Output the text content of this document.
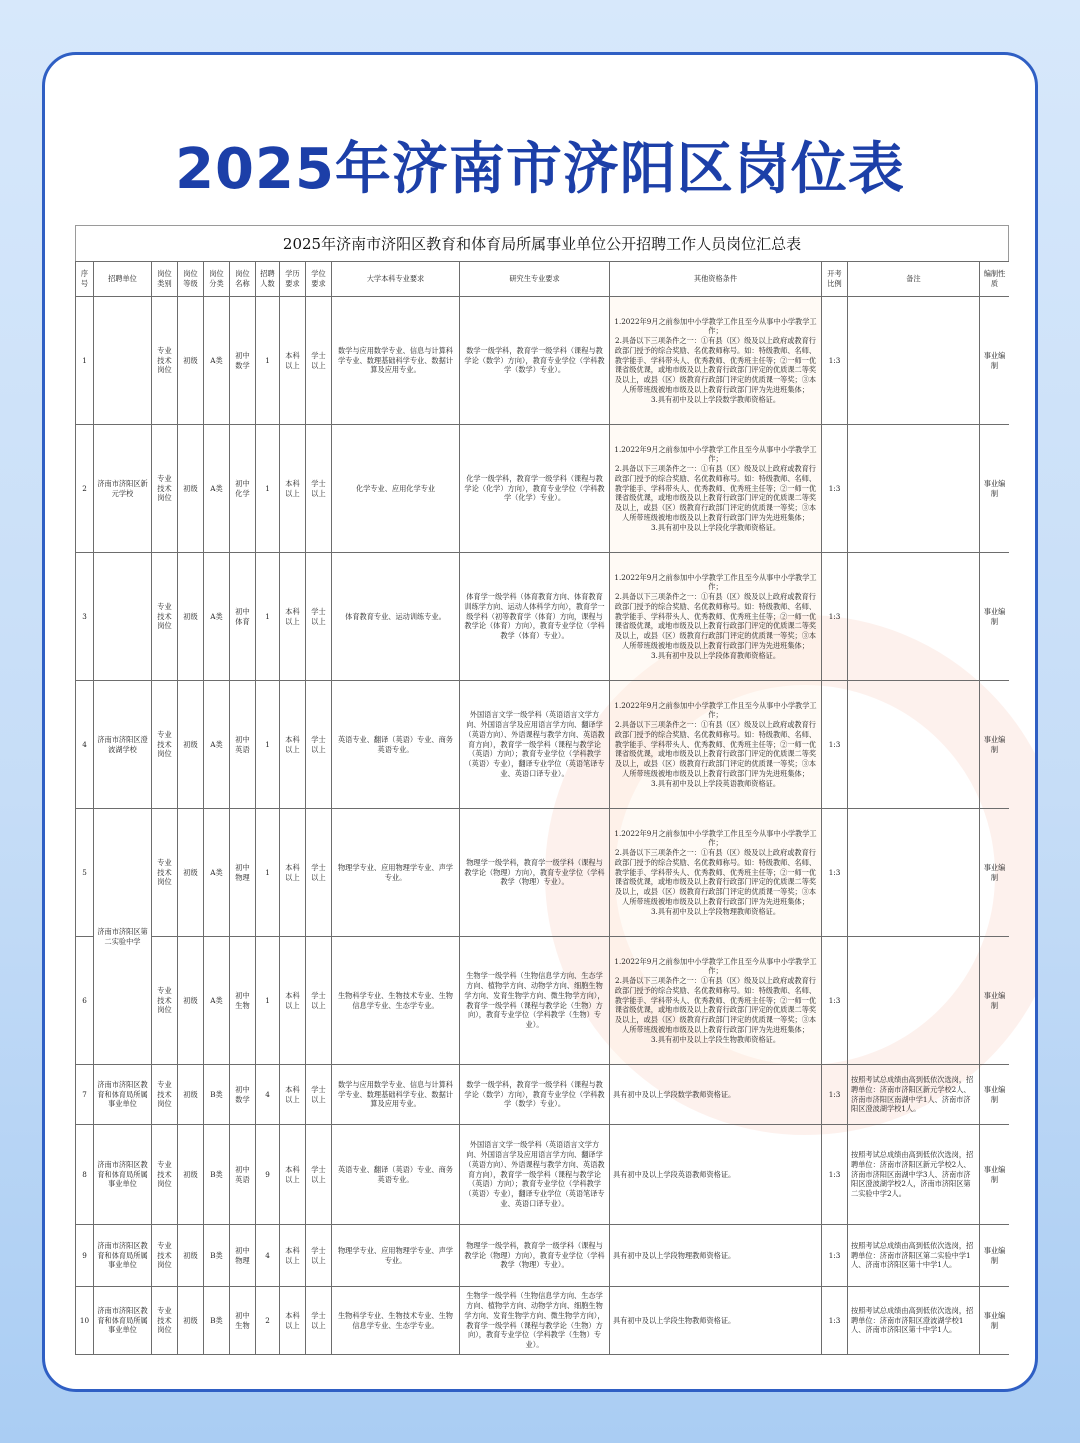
2025年济南市济阳区岗位表
2025年济南市济阳区教育和体育局所属事业单位公开招聘工作人员岗位汇总表
序号	招聘单位	岗位类别	岗位等级	岗位分类	岗位名称	招聘人数	学历要求	学位要求	大学本科专业要求	研究生专业要求	其他资格条件	开考比例	备注	编制性质
1		专业技术岗位	初级	A类	初中数学	1	本科以上	学士以上	数学与应用数学专业、信息与计算科学专业、数理基础科学专业、数据计算及应用专业。	数学一级学科，教育学一级学科（课程与教学论（数学）方向），教育专业学位（学科教学（数学）专业）。	1.2022年9月之前参加中小学教学工作且至今从事中小学教学工作；
2.具备以下三项条件之一：①有县（区）级及以上政府或教育行政部门授予的综合奖励、名优教师称号。如：特级教师、名师、教学能手、学科带头人、优秀教师、优秀班主任等；②一师一优课省级优课，或地市级及以上教育行政部门评定的优质课二等奖及以上，或县（区）级教育行政部门评定的优质课一等奖；③本人所带班级被地市级及以上教育行政部门评为先进班集体；
3.具有初中及以上学段数学教师资格证。	1:3		事业编制
2	济南市济阳区新元学校	专业技术岗位	初级	A类	初中化学	1	本科以上	学士以上	化学专业、应用化学专业	化学一级学科，教育学一级学科（课程与教学论（化学）方向），教育专业学位（学科教学（化学）专业）。	1.2022年9月之前参加中小学教学工作且至今从事中小学教学工作；
2.具备以下三项条件之一：①有县（区）级及以上政府或教育行政部门授予的综合奖励、名优教师称号。如：特级教师、名师、教学能手、学科带头人、优秀教师、优秀班主任等；②一师一优课省级优课，或地市级及以上教育行政部门评定的优质课二等奖及以上，或县（区）级教育行政部门评定的优质课一等奖；③本人所带班级被地市级及以上教育行政部门评为先进班集体；
3.具有初中及以上学段化学教师资格证。	1:3		事业编制
3		专业技术岗位	初级	A类	初中体育	1	本科以上	学士以上	体育教育专业、运动训练专业。	体育学一级学科（体育教育方向、体育教育训练学方向、运动人体科学方向），教育学一级学科（初等教育学（体育）方向，课程与教学论（体育）方向），教育专业学位（学科教学（体育）专业）。	1.2022年9月之前参加中小学教学工作且至今从事中小学教学工作；
2.具备以下三项条件之一：①有县（区）级及以上政府或教育行政部门授予的综合奖励、名优教师称号。如：特级教师、名师、教学能手、学科带头人、优秀教师、优秀班主任等；②一师一优课省级优课，或地市级及以上教育行政部门评定的优质课二等奖及以上，或县（区）级教育行政部门评定的优质课一等奖；③本人所带班级被地市级及以上教育行政部门评为先进班集体；
3.具有初中及以上学段体育教师资格证。	1:3		事业编制
4	济南市济阳区澄波湖学校	专业技术岗位	初级	A类	初中英语	1	本科以上	学士以上	英语专业、翻译（英语）专业、商务英语专业。	外国语言文学一级学科（英语语言文学方向、外国语言学及应用语言学方向、翻译学（英语方向）、外语课程与教学方向、英语教育方向），教育学一级学科（课程与教学论（英语）方向）；教育专业学位（学科教学（英语）专业），翻译专业学位（英语笔译专业、英语口译专业）。	1.2022年9月之前参加中小学教学工作且至今从事中小学教学工作；
2.具备以下三项条件之一：①有县（区）级及以上政府或教育行政部门授予的综合奖励、名优教师称号。如：特级教师、名师、教学能手、学科带头人、优秀教师、优秀班主任等；②一师一优课省级优课，或地市级及以上教育行政部门评定的优质课二等奖及以上，或县（区）级教育行政部门评定的优质课一等奖；③本人所带班级被地市级及以上教育行政部门评为先进班集体；
3.具有初中及以上学段英语教师资格证。	1:3		事业编制
5	济南市济阳区第二实验中学	专业技术岗位	初级	A类	初中物理	1	本科以上	学士以上	物理学专业、应用物理学专业、声学专业。	物理学一级学科，教育学一级学科（课程与教学论（物理）方向），教育专业学位（学科教学（物理）专业）。	1.2022年9月之前参加中小学教学工作且至今从事中小学教学工作；
2.具备以下三项条件之一：①有县（区）级及以上政府或教育行政部门授予的综合奖励、名优教师称号。如：特级教师、名师、教学能手、学科带头人、优秀教师、优秀班主任等；②一师一优课省级优课，或地市级及以上教育行政部门评定的优质课二等奖及以上，或县（区）级教育行政部门评定的优质课一等奖；③本人所带班级被地市级及以上教育行政部门评为先进班集体；
3.具有初中及以上学段物理教师资格证。	1:3		事业编制
6		专业技术岗位	初级	A类	初中生物	1	本科以上	学士以上	生物科学专业、生物技术专业、生物信息学专业、生态学专业。	生物学一级学科（生物信息学方向、生态学方向、植物学方向、动物学方向、细胞生物学方向、发育生物学方向、微生物学方向），教育学一级学科（课程与教学论（生物）方向），教育专业学位（学科教学（生物）专业）。	1.2022年9月之前参加中小学教学工作且至今从事中小学教学工作；
2.具备以下三项条件之一：①有县（区）级及以上政府或教育行政部门授予的综合奖励、名优教师称号。如：特级教师、名师、教学能手、学科带头人、优秀教师、优秀班主任等；②一师一优课省级优课，或地市级及以上教育行政部门评定的优质课二等奖及以上，或县（区）级教育行政部门评定的优质课一等奖；③本人所带班级被地市级及以上教育行政部门评为先进班集体；
3.具有初中及以上学段生物教师资格证。	1:3		事业编制
7	济南市济阳区教育和体育局所属事业单位	专业技术岗位	初级	B类	初中数学	4	本科以上	学士以上	数学与应用数学专业、信息与计算科学专业、数理基础科学专业、数据计算及应用专业。	数学一级学科，教育学一级学科（课程与教学论（数学）方向），教育专业学位（学科教学（数学）专业）。	具有初中及以上学段数学教师资格证。	1:3	按照考试总成绩由高到低依次选岗，招聘单位：济南市济阳区新元学校2人、济南市济阳区南湖中学1人、济南市济阳区澄波湖学校1人。	事业编制
8	济南市济阳区教育和体育局所属事业单位	专业技术岗位	初级	B类	初中英语	9	本科以上	学士以上	英语专业、翻译（英语）专业、商务英语专业。	外国语言文学一级学科（英语语言文学方向、外国语言学及应用语言学方向、翻译学（英语方向）、外语课程与教学方向、英语教育方向），教育学一级学科（课程与教学论（英语）方向）；教育专业学位（学科教学（英语）专业），翻译专业学位（英语笔译专业、英语口译专业）。	具有初中及以上学段英语教师资格证。	1:3	按照考试总成绩由高到低依次选岗，招聘单位：济南市济阳区新元学校2人、济南市济阳区南湖中学3人、济南市济阳区澄波湖学校2人，济南市济阳区第二实验中学2人。	事业编制
9	济南市济阳区教育和体育局所属事业单位	专业技术岗位	初级	B类	初中物理	4	本科以上	学士以上	物理学专业、应用物理学专业、声学专业。	物理学一级学科，教育学一级学科（课程与教学论（物理）方向），教育专业学位（学科教学（物理）专业）。	具有初中及以上学段物理教师资格证。	1:3	按照考试总成绩由高到低依次选岗，招聘单位：济南市济阳区第二实验中学1人、济南市济阳区第十中学1人。	事业编制
10	济南市济阳区教育和体育局所属事业单位	专业技术岗位	初级	B类	初中生物	2	本科以上	学士以上	生物科学专业、生物技术专业、生物信息学专业、生态学专业。	生物学一级学科（生物信息学方向、生态学方向、植物学方向、动物学方向、细胞生物学方向、发育生物学方向、微生物学方向），教育学一级学科（课程与教学论（生物）方向），教育专业学位（学科教学（生物）专业）。	具有初中及以上学段生物教师资格证。	1:3	按照考试总成绩由高到低依次选岗，招聘单位：济南市济阳区澄波湖学校1人、济南市济阳区第十中学1人。	事业编制
